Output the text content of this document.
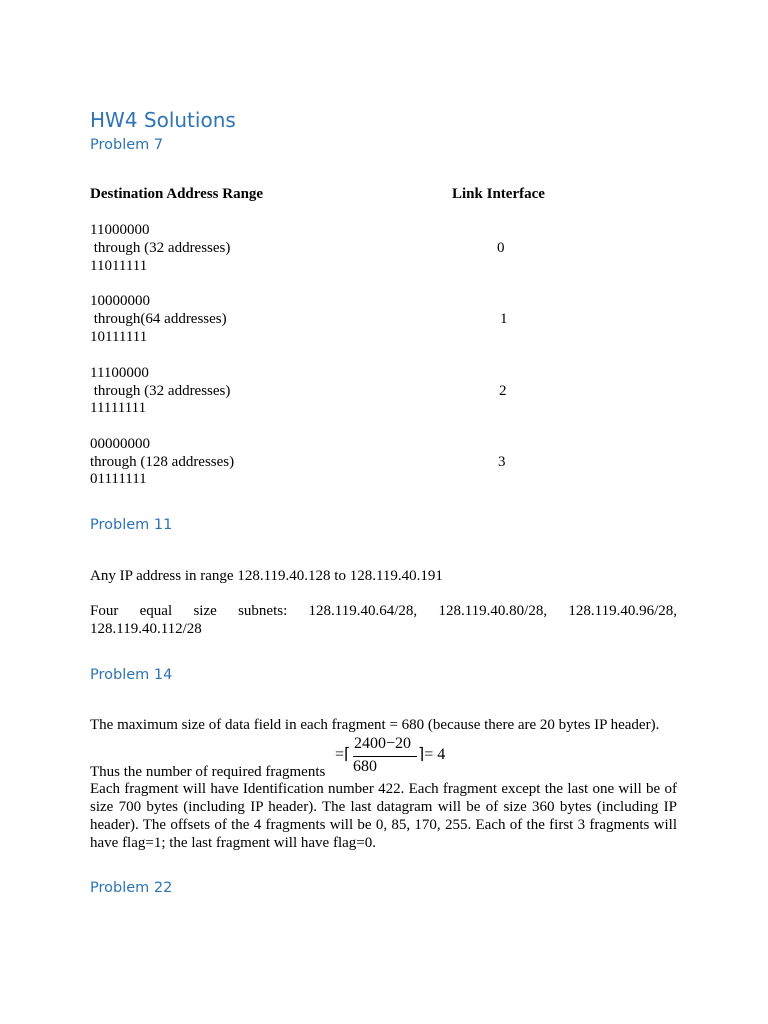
HW4 Solutions
Problem 7
Destination Address Range	Link Interface
11000000
through (32 addresses)
11011111
0
10000000
through(64 addresses)
10111111
1
11100000
through (32 addresses)
11111111
2
00000000
through (128 addresses)
01111111
3
Problem 11
Any IP address in range 128.119.40.128 to 128.119.40.191
Four equal size subnets: 128.119.40.64/28, 128.119.40.80/28, 128.119.40.96/28,
128.119.40.112/28
Problem 14
The maximum size of data field in each fragment = 680 (because there are 20 bytes IP header).
=⌈
2400−20
680
⌉= 4
Thus the number of required fragments
Each fragment will have Identification number 422. Each fragment except the last one will be of
size 700 bytes (including IP header). The last datagram will be of size 360 bytes (including IP
header). The offsets of the 4 fragments will be 0, 85, 170, 255. Each of the first 3 fragments will
have flag=1; the last fragment will have flag=0.
Problem 22
